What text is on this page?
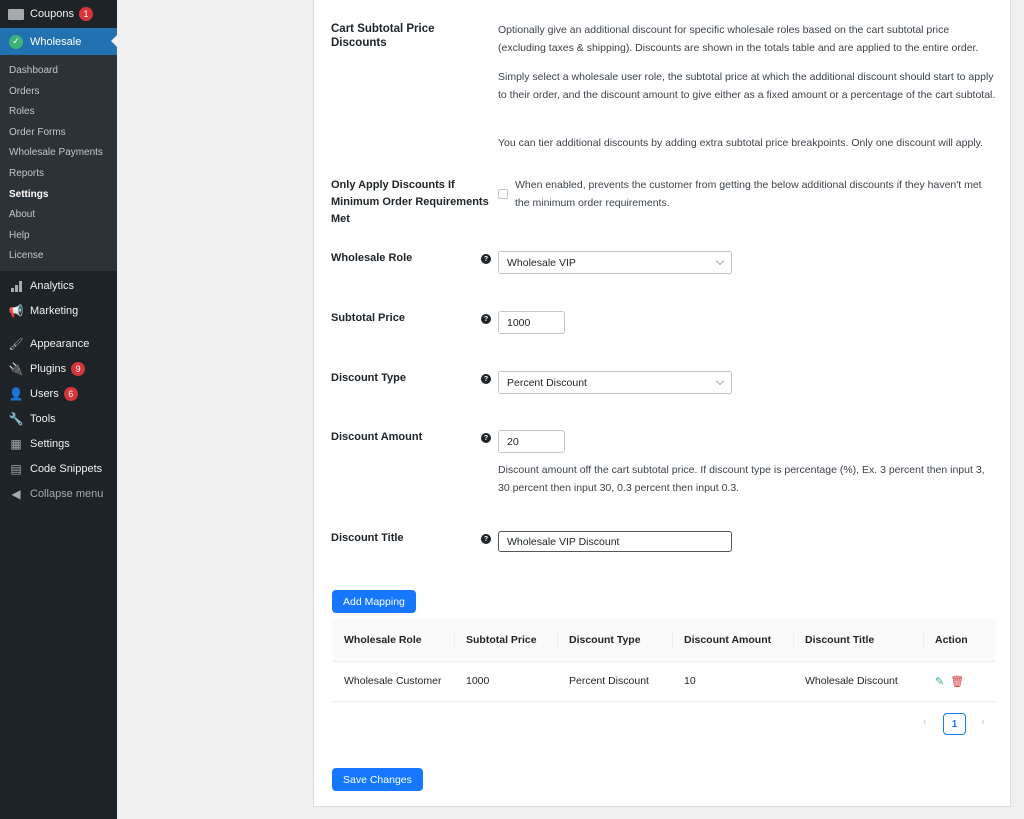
Coupons	1
✓ Wholesale
Dashboard
Orders
Roles
Order Forms
Wholesale Payments
Reports
Settings
About
Help
License
Analytics
📢 Marketing
🖌 Appearance
🔌 Plugins	9
👤 Users	6
🔧 Tools
▦ Settings
▤ Code Snippets
◀ Collapse menu
Cart Subtotal Price Discounts
Optionally give an additional discount for specific wholesale roles based on the cart subtotal price (excluding taxes & shipping). Discounts are shown in the totals table and are applied to the entire order.
Simply select a wholesale user role, the subtotal price at which the additional discount should start to apply to their order, and the discount amount to give either as a fixed amount or a percentage of the cart subtotal.
You can tier additional discounts by adding extra subtotal price breakpoints. Only one discount will apply.
Only Apply Discounts If Minimum Order Requirements Met
When enabled, prevents the customer from getting the below additional discounts if they haven't met the minimum order requirements.
Wholesale Role	? Wholesale VIP
Subtotal Price	?
1000
Discount Type	? Percent Discount
Discount Amount	?
20
Discount amount off the cart subtotal price. If discount type is percentage (%), Ex. 3 percent then input 3, 30 percent then input 30, 0.3 percent then input 0.3.
Discount Title	?
Wholesale VIP Discount
Add Mapping
Wholesale Role	Subtotal Price	Discount Type	Discount Amount	Discount Title	Action
Wholesale Customer	1000	Percent Discount	10	Wholesale Discount	✎ 🗑
‹	1	›
Save Changes
